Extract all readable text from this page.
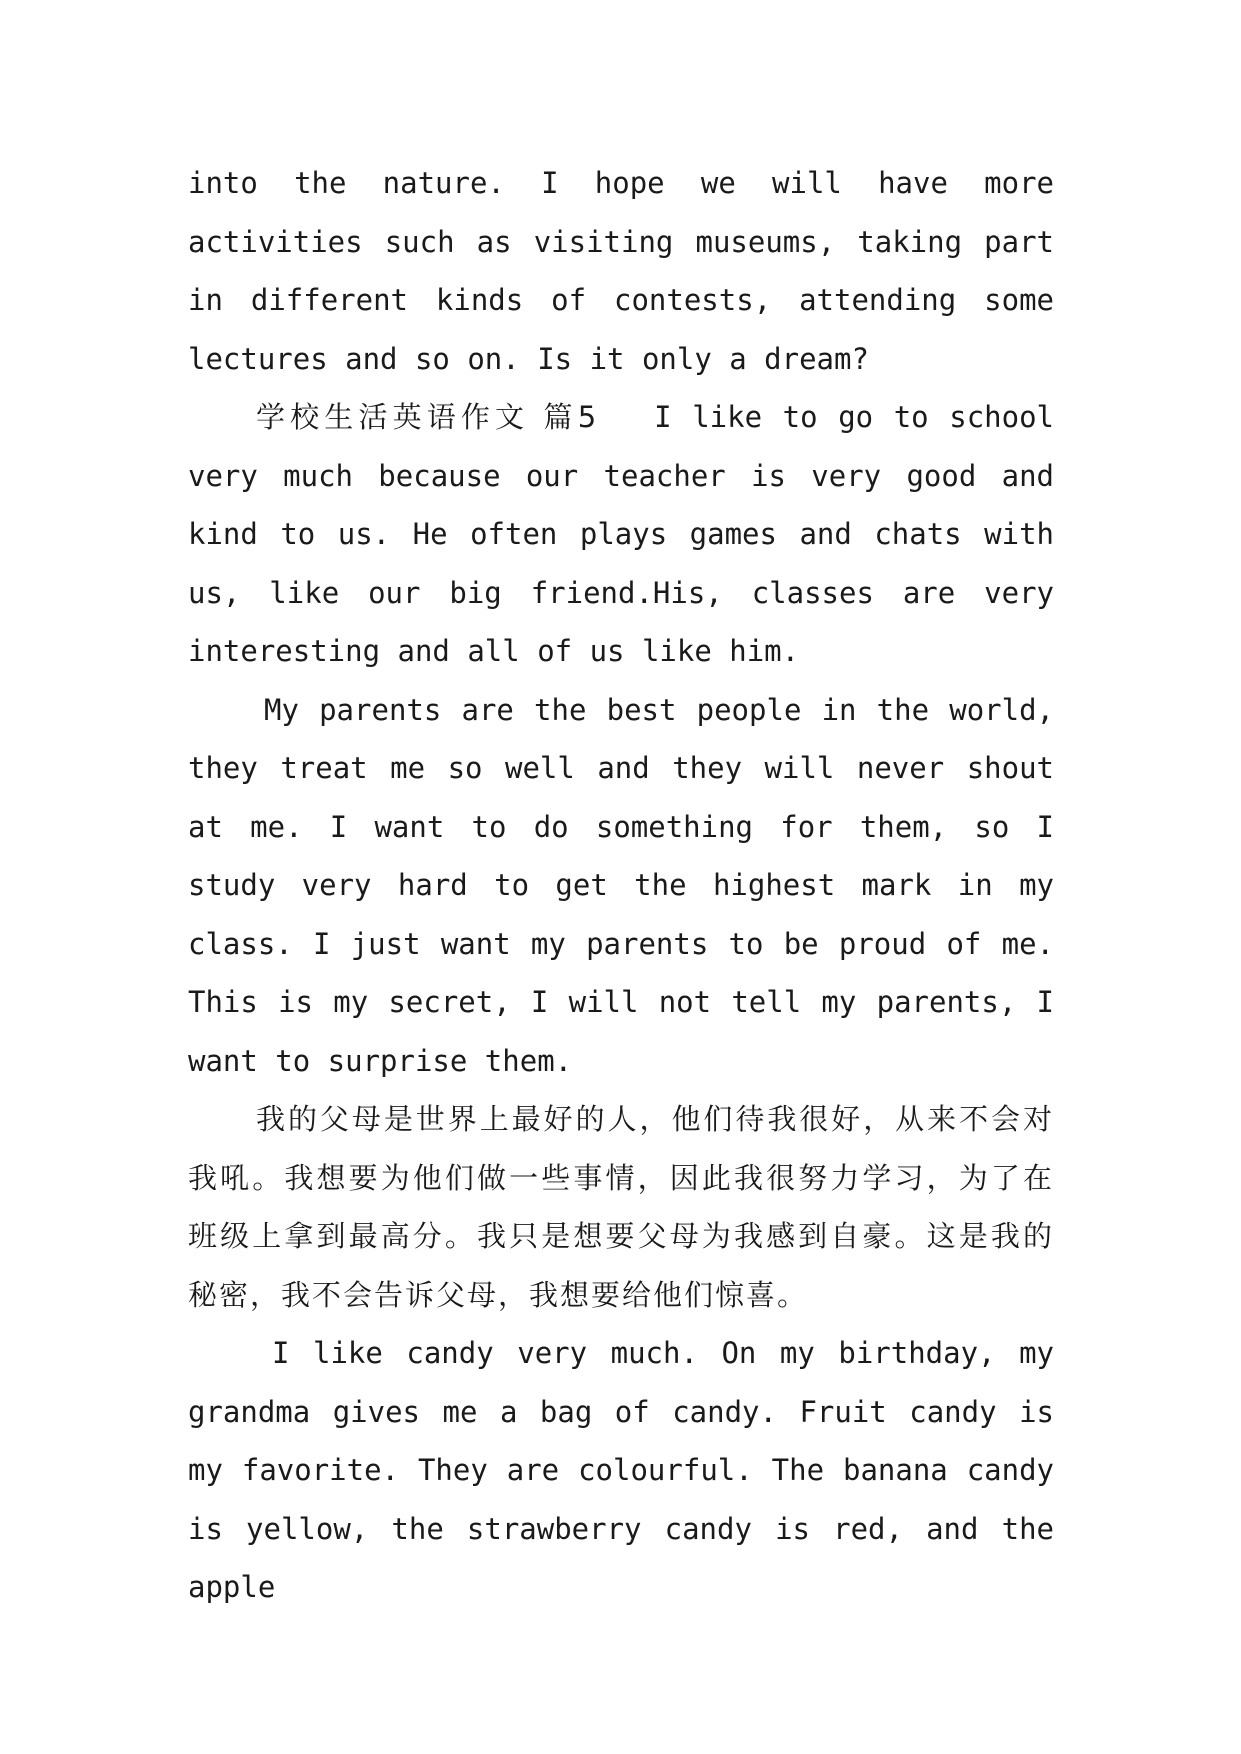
into the nature. I hope we will have more activities such as visiting museums, taking part in different kinds of contests, attending some lectures and so on. Is it only a dream?

学校生活英语作文 篇5 I like to go to school very much because our teacher is very good and kind to us. He often plays games and chats with us, like our big friend.His, classes are very interesting and all of us like him.

My parents are the best people in the world, they treat me so well and they will never shout at me. I want to do something for them, so I study very hard to get the highest mark in my class. I just want my parents to be proud of me. This is my secret, I will not tell my parents, I want to surprise them.

我的父母是世界上最好的人，他们待我很好，从来不会对我吼。我想要为他们做一些事情，因此我很努力学习，为了在班级上拿到最高分。我只是想要父母为我感到自豪。这是我的秘密，我不会告诉父母，我想要给他们惊喜。

I like candy very much. On my birthday, my grandma gives me a bag of candy. Fruit candy is my favorite. They are colourful. The banana candy is yellow, the strawberry candy is red, and the apple
